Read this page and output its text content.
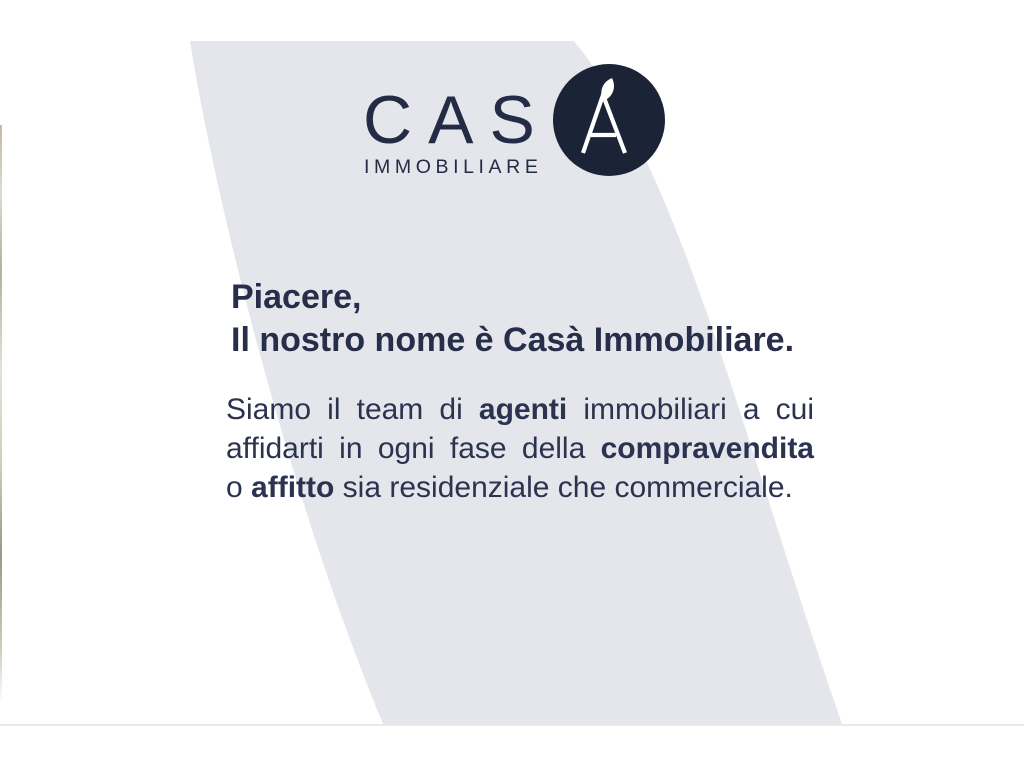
CAS
IMMOBILIARE
Piacere,
Il nostro nome è Casà Immobiliare.
Siamo il team di agenti immobiliari a cui
affidarti in ogni fase della compravendita
o affitto sia residenziale che commerciale.
